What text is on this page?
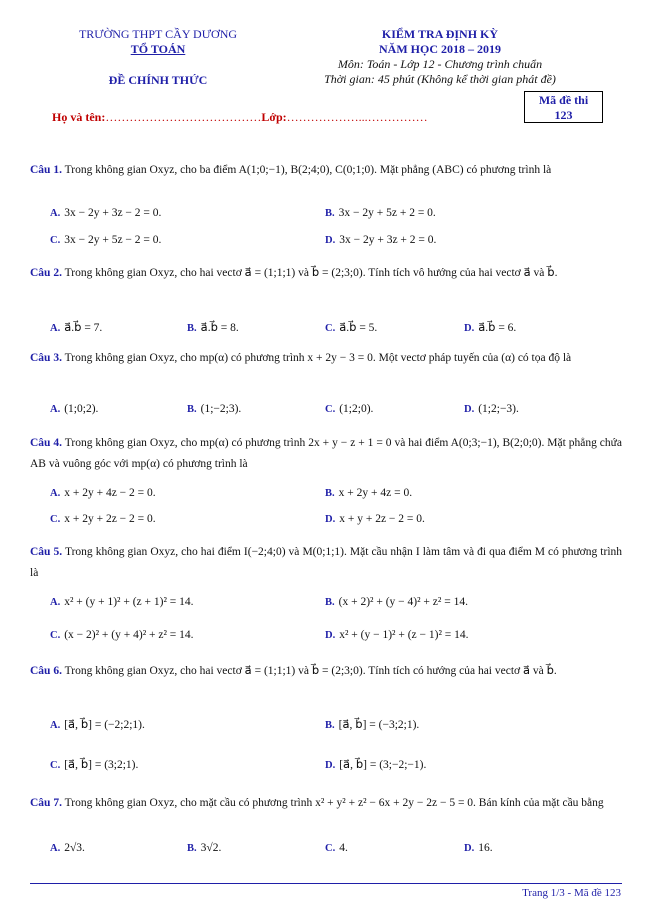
TRƯỜNG THPT CẦY DƯƠNG
TỔ TOÁN
ĐỀ CHÍNH THỨC
KIỂM TRA ĐỊNH KỲ
NĂM HỌC 2018 – 2019
Môn: Toán - Lớp 12 - Chương trình chuẩn
Thời gian: 45 phút (Không kể thời gian phát đề)
Mã đề thi
123
Họ và tên:…………………………………Lớp:………………...……………
Câu 1. Trong không gian Oxyz, cho ba điểm A(1;0;−1), B(2;4;0), C(0;1;0). Mặt phẳng (ABC) có phương trình là
A. 3x − 2y + 3z − 2 = 0.	B. 3x − 2y + 5z + 2 = 0.
C. 3x − 2y + 5z − 2 = 0.	D. 3x − 2y + 3z + 2 = 0.
Câu 2. Trong không gian Oxyz, cho hai vectơ a⃗ = (1;1;1) và b⃗ = (2;3;0). Tính tích vô hướng của hai vectơ a⃗ và b⃗.
A. a⃗.b⃗ = 7.	B. a⃗.b⃗ = 8.	C. a⃗.b⃗ = 5.	D. a⃗.b⃗ = 6.
Câu 3. Trong không gian Oxyz, cho mp(α) có phương trình x + 2y − 3 = 0. Một vectơ pháp tuyến của (α) có tọa độ là
A. (1;0;2).	B. (1;−2;3).	C. (1;2;0).	D. (1;2;−3).
Câu 4. Trong không gian Oxyz, cho mp(α) có phương trình 2x + y − z + 1 = 0 và hai điểm A(0;3;−1), B(2;0;0). Mặt phẳng chứa AB và vuông góc với mp(α) có phương trình là
A. x + 2y + 4z − 2 = 0.	B. x + 2y + 4z = 0.
C. x + 2y + 2z − 2 = 0.	D. x + y + 2z − 2 = 0.
Câu 5. Trong không gian Oxyz, cho hai điểm I(−2;4;0) và M(0;1;1). Mặt cầu nhận I làm tâm và đi qua điểm M có phương trình là
A. x² + (y + 1)² + (z + 1)² = 14.	B. (x + 2)² + (y − 4)² + z² = 14.
C. (x − 2)² + (y + 4)² + z² = 14.	D. x² + (y − 1)² + (z − 1)² = 14.
Câu 6. Trong không gian Oxyz, cho hai vectơ a⃗ = (1;1;1) và b⃗ = (2;3;0). Tính tích có hướng của hai vectơ a⃗ và b⃗.
A. [a⃗, b⃗] = (−2;2;1).	B. [a⃗, b⃗] = (−3;2;1).
C. [a⃗, b⃗] = (3;2;1).	D. [a⃗, b⃗] = (3;−2;−1).
Câu 7. Trong không gian Oxyz, cho mặt cầu có phương trình x² + y² + z² − 6x + 2y − 2z − 5 = 0. Bán kính của mặt cầu bằng
A. 2√3.	B. 3√2.	C. 4.	D. 16.
Trang 1/3 - Mã đề 123
